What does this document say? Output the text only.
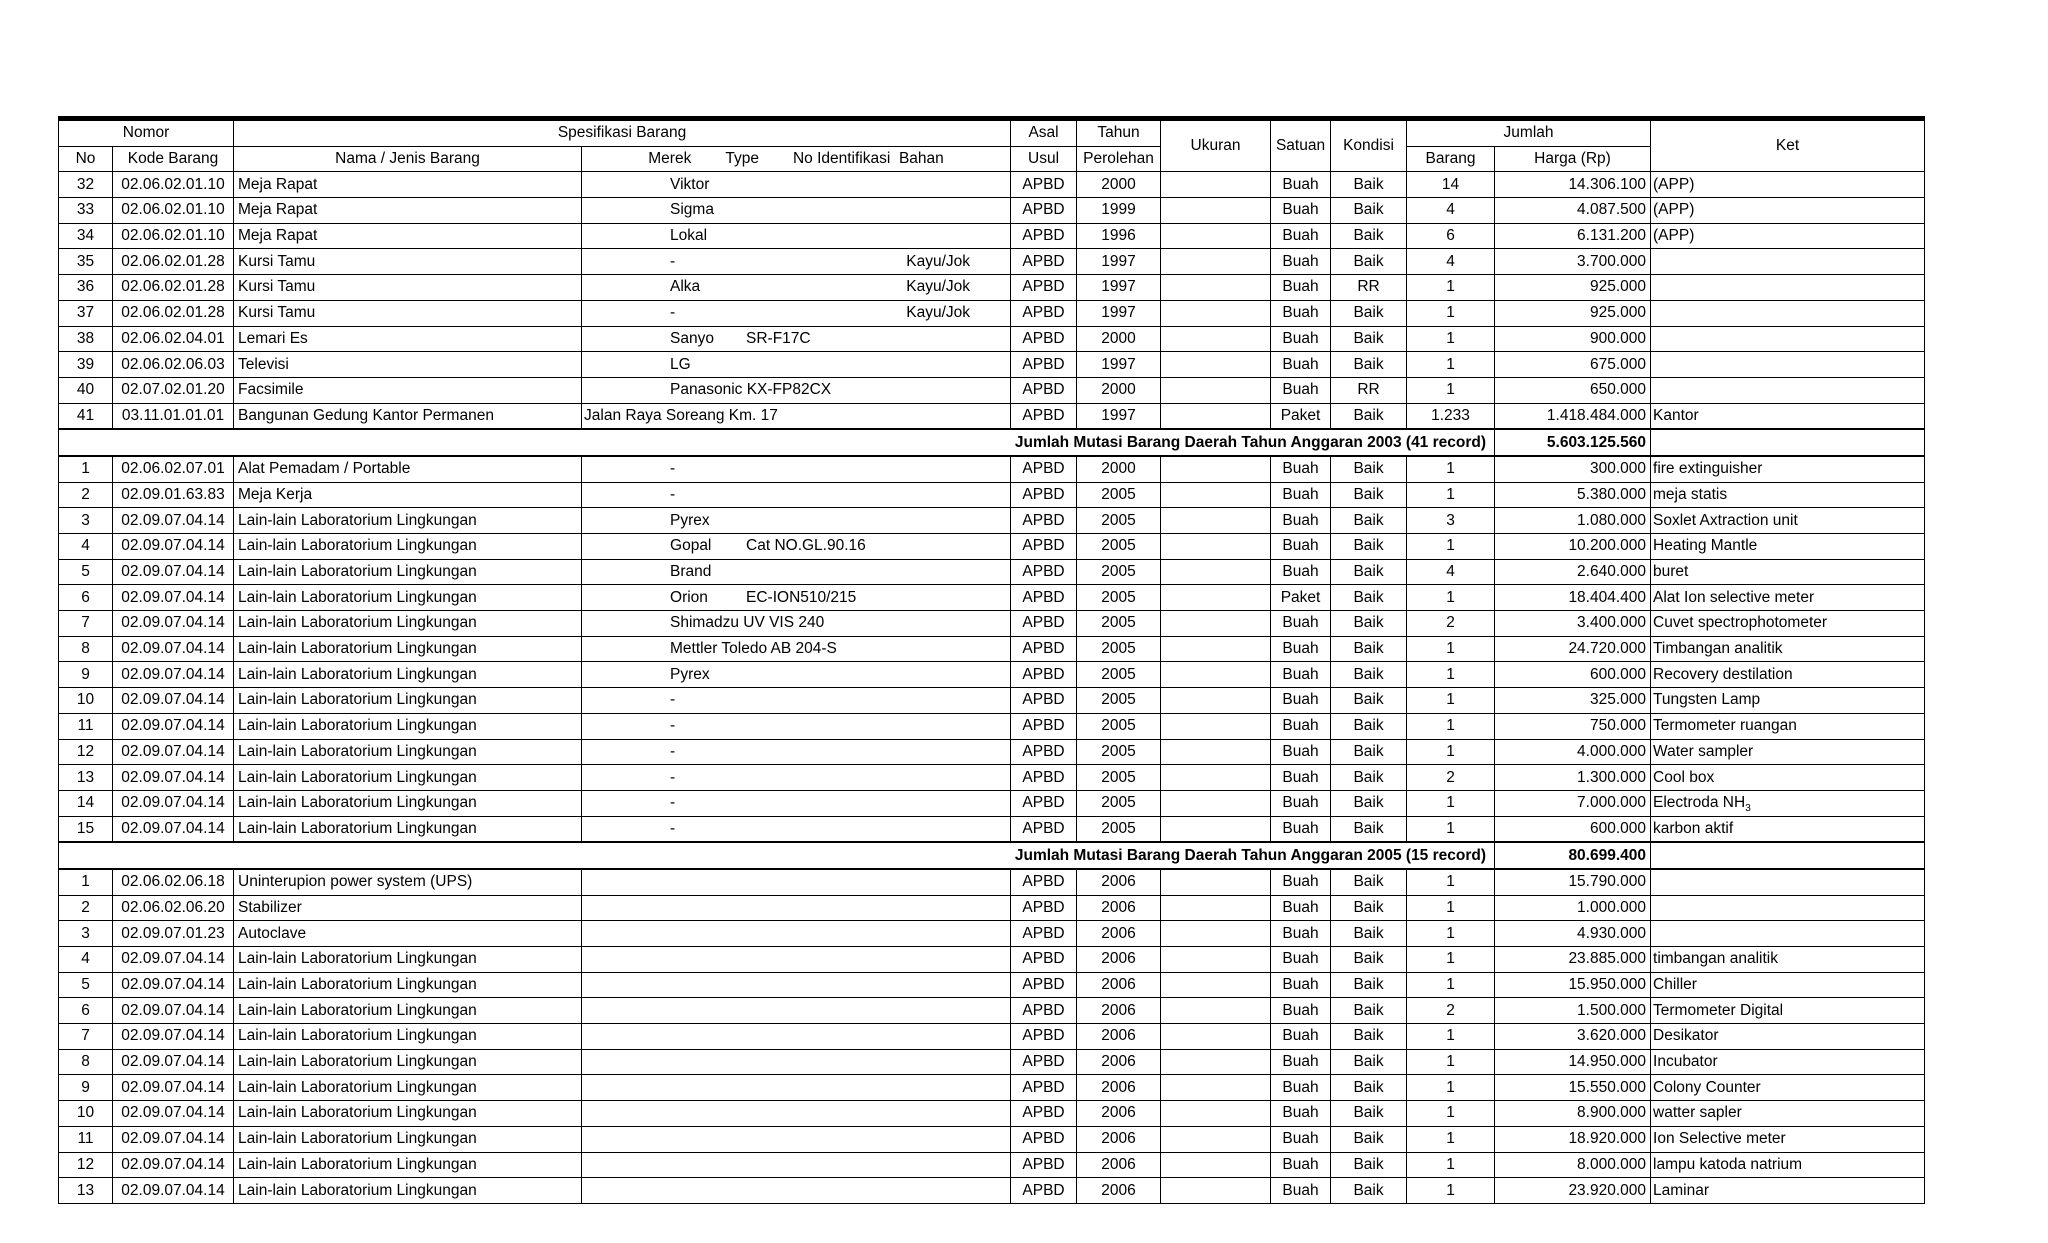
Nomor		Spesifikasi Barang		Asal	Tahun	Ukuran	Satuan	Kondisi	Jumlah		Ket
No	Kode Barang	Nama / Jenis Barang	Merek Type No Identifikasi Bahan	Usul	Perolehan				Barang	Harga (Rp)	
32	02.06.02.01.10	Meja Rapat	Viktor	APBD	2000		Buah	Baik	14	14.306.100	(APP)
33	02.06.02.01.10	Meja Rapat	Sigma	APBD	1999		Buah	Baik	4	4.087.500	(APP)
34	02.06.02.01.10	Meja Rapat	Lokal	APBD	1996		Buah	Baik	6	6.131.200	(APP)
35	02.06.02.01.28	Kursi Tamu	- Kayu/Jok	APBD	1997		Buah	Baik	4	3.700.000	
36	02.06.02.01.28	Kursi Tamu	Alka Kayu/Jok	APBD	1997		Buah	RR	1	925.000	
37	02.06.02.01.28	Kursi Tamu	- Kayu/Jok	APBD	1997		Buah	Baik	1	925.000	
38	02.06.02.04.01	Lemari Es	Sanyo SR-F17C	APBD	2000		Buah	Baik	1	900.000	
39	02.06.02.06.03	Televisi	LG	APBD	1997		Buah	Baik	1	675.000	
40	02.07.02.01.20	Facsimile	Panasonic KX-FP82CX	APBD	2000		Buah	RR	1	650.000	
41	03.11.01.01.01	Bangunan Gedung Kantor Permanen	Jalan Raya Soreang Km. 17	APBD	1997		Paket	Baik	1.233	1.418.484.000	Kantor
Jumlah Mutasi Barang Daerah Tahun Anggaran 2003 (41 record)										5.603.125.560	
1	02.06.02.07.01	Alat Pemadam / Portable	-	APBD	2000		Buah	Baik	1	300.000	fire extinguisher
2	02.09.01.63.83	Meja Kerja	-	APBD	2005		Buah	Baik	1	5.380.000	meja statis
3	02.09.07.04.14	Lain-lain Laboratorium Lingkungan	Pyrex	APBD	2005		Buah	Baik	3	1.080.000	Soxlet Axtraction unit
4	02.09.07.04.14	Lain-lain Laboratorium Lingkungan	Gopal Cat NO.GL.90.16	APBD	2005		Buah	Baik	1	10.200.000	Heating Mantle
5	02.09.07.04.14	Lain-lain Laboratorium Lingkungan	Brand	APBD	2005		Buah	Baik	4	2.640.000	buret
6	02.09.07.04.14	Lain-lain Laboratorium Lingkungan	Orion EC-ION510/215	APBD	2005		Paket	Baik	1	18.404.400	Alat Ion selective meter
7	02.09.07.04.14	Lain-lain Laboratorium Lingkungan	Shimadzu UV VIS 240	APBD	2005		Buah	Baik	2	3.400.000	Cuvet spectrophotometer
8	02.09.07.04.14	Lain-lain Laboratorium Lingkungan	Mettler Toledo AB 204-S	APBD	2005		Buah	Baik	1	24.720.000	Timbangan analitik
9	02.09.07.04.14	Lain-lain Laboratorium Lingkungan	Pyrex	APBD	2005		Buah	Baik	1	600.000	Recovery destilation
10	02.09.07.04.14	Lain-lain Laboratorium Lingkungan	-	APBD	2005		Buah	Baik	1	325.000	Tungsten Lamp
11	02.09.07.04.14	Lain-lain Laboratorium Lingkungan	-	APBD	2005		Buah	Baik	1	750.000	Termometer ruangan
12	02.09.07.04.14	Lain-lain Laboratorium Lingkungan	-	APBD	2005		Buah	Baik	1	4.000.000	Water sampler
13	02.09.07.04.14	Lain-lain Laboratorium Lingkungan	-	APBD	2005		Buah	Baik	2	1.300.000	Cool box
14	02.09.07.04.14	Lain-lain Laboratorium Lingkungan	-	APBD	2005		Buah	Baik	1	7.000.000	Electroda $NH_3$
15	02.09.07.04.14	Lain-lain Laboratorium Lingkungan	-	APBD	2005		Buah	Baik	1	600.000	karbon aktif
Jumlah Mutasi Barang Daerah Tahun Anggaran 2005 (15 record)										80.699.400	
1	02.06.02.06.18	Uninterupion power system (UPS)		APBD	2006		Buah	Baik	1	15.790.000	
2	02.06.02.06.20	Stabilizer		APBD	2006		Buah	Baik	1	1.000.000	
3	02.09.07.01.23	Autoclave		APBD	2006		Buah	Baik	1	4.930.000	
4	02.09.07.04.14	Lain-lain Laboratorium Lingkungan		APBD	2006		Buah	Baik	1	23.885.000	timbangan analitik
5	02.09.07.04.14	Lain-lain Laboratorium Lingkungan		APBD	2006		Buah	Baik	1	15.950.000	Chiller
6	02.09.07.04.14	Lain-lain Laboratorium Lingkungan		APBD	2006		Buah	Baik	2	1.500.000	Termometer Digital
7	02.09.07.04.14	Lain-lain Laboratorium Lingkungan		APBD	2006		Buah	Baik	1	3.620.000	Desikator
8	02.09.07.04.14	Lain-lain Laboratorium Lingkungan		APBD	2006		Buah	Baik	1	14.950.000	Incubator
9	02.09.07.04.14	Lain-lain Laboratorium Lingkungan		APBD	2006		Buah	Baik	1	15.550.000	Colony Counter
10	02.09.07.04.14	Lain-lain Laboratorium Lingkungan		APBD	2006		Buah	Baik	1	8.900.000	watter sapler
11	02.09.07.04.14	Lain-lain Laboratorium Lingkungan		APBD	2006		Buah	Baik	1	18.920.000	Ion Selective meter
12	02.09.07.04.14	Lain-lain Laboratorium Lingkungan		APBD	2006		Buah	Baik	1	8.000.000	lampu katoda natrium
13	02.09.07.04.14	Lain-lain Laboratorium Lingkungan		APBD	2006		Buah	Baik	1	23.920.000	Laminar
